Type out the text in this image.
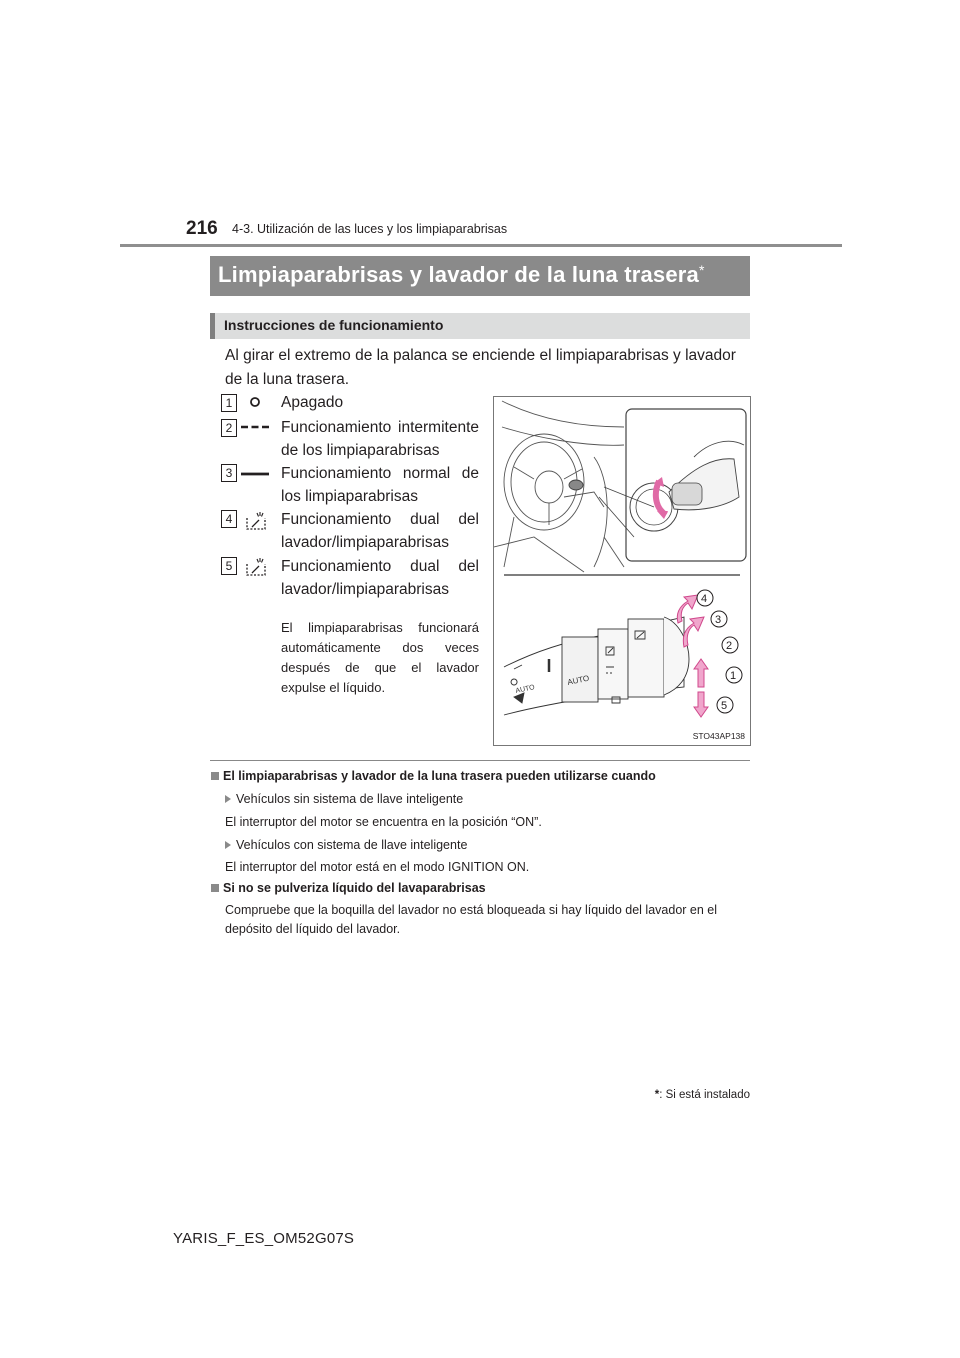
216 4-3. Utilización de las luces y los limpiaparabrisas
Limpiaparabrisas y lavador de la luna trasera*
Instrucciones de funcionamiento
Al girar el extremo de la palanca se enciende el limpiaparabrisas y lavador de la luna trasera.
1	Apagado
2	Funcionamiento intermitente de los limpiaparabrisas
3	Funcionamiento normal de los limpiaparabrisas
4	Funcionamiento dual del lavador/limpiaparabrisas
5	Funcionamiento dual del lavador/limpiaparabrisas
El limpiaparabrisas funcionará automáticamente dos veces después de que el lavador expulse el líquido.	AUTO
AUTO
4
3
2
1
5
STO43AP138
El limpiaparabrisas y lavador de la luna trasera pueden utilizarse cuando
Vehículos sin sistema de llave inteligente
El interruptor del motor se encuentra en la posición “ON”.
Vehículos con sistema de llave inteligente
El interruptor del motor está en el modo IGNITION ON.
Si no se pulveriza líquido del lavaparabrisas
Compruebe que la boquilla del lavador no está bloqueada si hay líquido del lavador en el depósito del líquido del lavador.
*: Si está instalado
YARIS_F_ES_OM52G07S
